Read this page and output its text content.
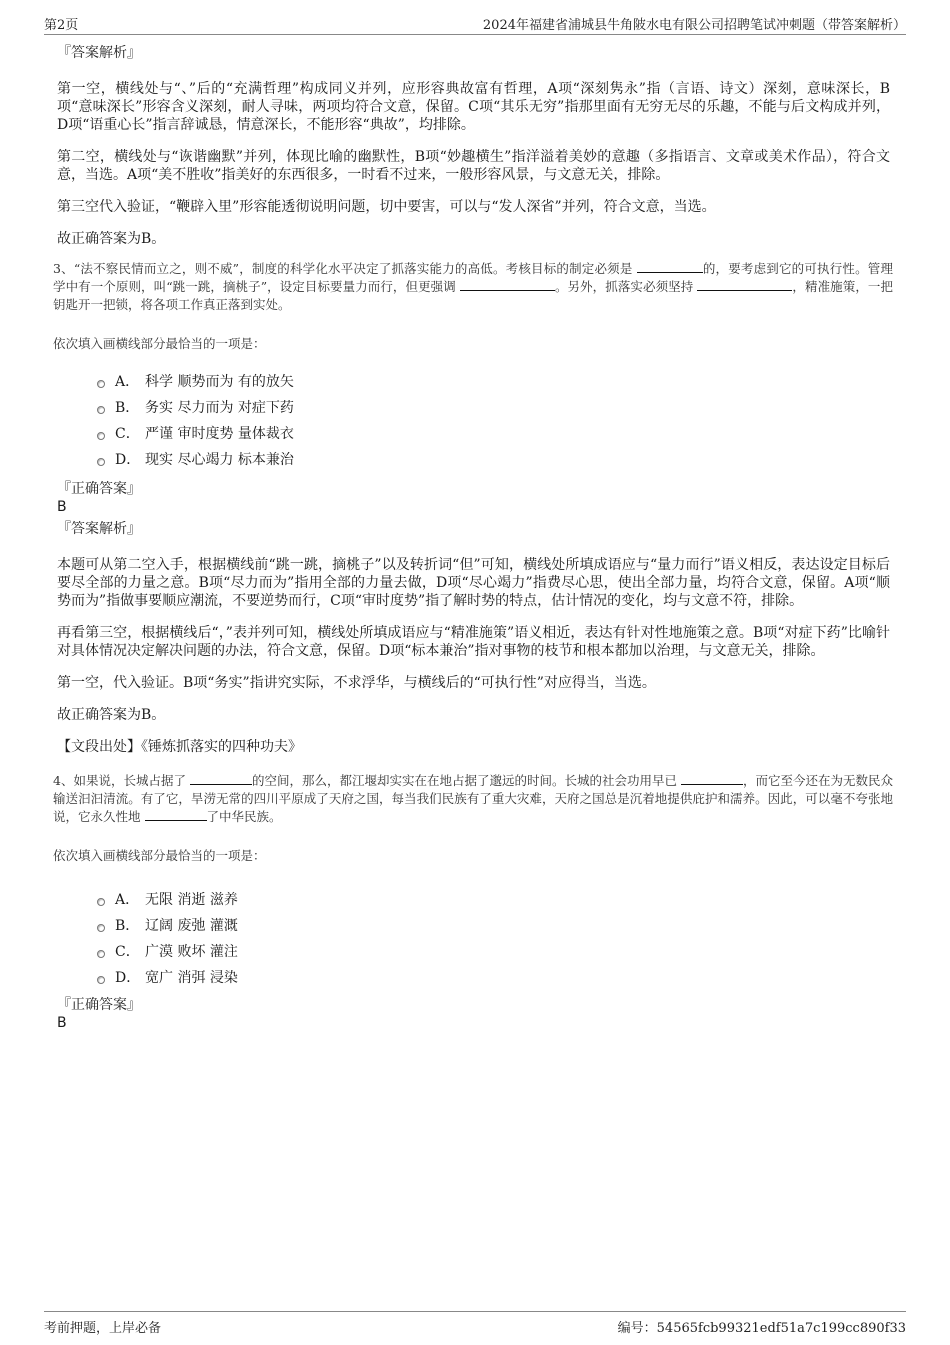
第2页	2024年福建省浦城县牛角陂水电有限公司招聘笔试冲刺题（带答案解析）
『答案解析』
第一空，横线处与“、”后的“充满哲理”构成同义并列，应形容典故富有哲理，A项“深刻隽永”指（言语、诗文）深刻，意味深长，B项“意味深长”形容含义深刻，耐人寻味，两项均符合文意，保留。C项“其乐无穷”指那里面有无穷无尽的乐趣，不能与后文构成并列，D项“语重心长”指言辞诚恳，情意深长，不能形容“典故”，均排除。
第二空，横线处与“诙谐幽默”并列，体现比喻的幽默性，B项“妙趣横生”指洋溢着美妙的意趣（多指语言、文章或美术作品），符合文意，当选。A项“美不胜收”指美好的东西很多，一时看不过来，一般形容风景，与文意无关，排除。
第三空代入验证，“鞭辟入里”形容能透彻说明问题，切中要害，可以与“发人深省”并列，符合文意，当选。
故正确答案为B。
3、“法不察民情而立之，则不威”，制度的科学化水平决定了抓落实能力的高低。考核目标的制定必须是	的，要考虑到它的可执行性。管理学中有一个原则，叫“跳一跳，摘桃子”，设定目标要量力而行，但更强调	。另外，抓落实必须坚持	，精准施策，一把钥匙开一把锁，将各项工作真正落到实处。
依次填入画横线部分最恰当的一项是：
A． 科学 顺势而为 有的放矢
B． 务实 尽力而为 对症下药
C． 严谨 审时度势 量体裁衣
D． 现实 尽心竭力 标本兼治
『正确答案』
B
『答案解析』
本题可从第二空入手，根据横线前“跳一跳，摘桃子”以及转折词“但”可知，横线处所填成语应与“量力而行”语义相反，表达设定目标后要尽全部的力量之意。B项“尽力而为”指用全部的力量去做，D项“尽心竭力”指费尽心思，使出全部力量，均符合文意，保留。A项“顺势而为”指做事要顺应潮流，不要逆势而行，C项“审时度势”指了解时势的特点，估计情况的变化，均与文意不符，排除。
再看第三空，根据横线后“，”表并列可知，横线处所填成语应与“精准施策”语义相近，表达有针对性地施策之意。B项“对症下药”比喻针对具体情况决定解决问题的办法，符合文意，保留。D项“标本兼治”指对事物的枝节和根本都加以治理，与文意无关，排除。
第一空，代入验证。B项“务实”指讲究实际，不求浮华，与横线后的“可执行性”对应得当，当选。
故正确答案为B。
【文段出处】《锤炼抓落实的四种功夫》
4、如果说，长城占据了	的空间，那么，都江堰却实实在在地占据了邈远的时间。长城的社会功用早已	，而它至今还在为无数民众输送汩汩清流。有了它，旱涝无常的四川平原成了天府之国，每当我们民族有了重大灾难，天府之国总是沉着地提供庇护和濡养。因此，可以毫不夸张地说，它永久性地	了中华民族。
依次填入画横线部分最恰当的一项是：
A． 无限 消逝 滋养
B． 辽阔 废弛 灌溉
C． 广漠 败坏 灌注
D． 宽广 消弭 浸染
『正确答案』
B
考前押题，上岸必备	编号：54565fcb99321edf51a7c199cc890f33
